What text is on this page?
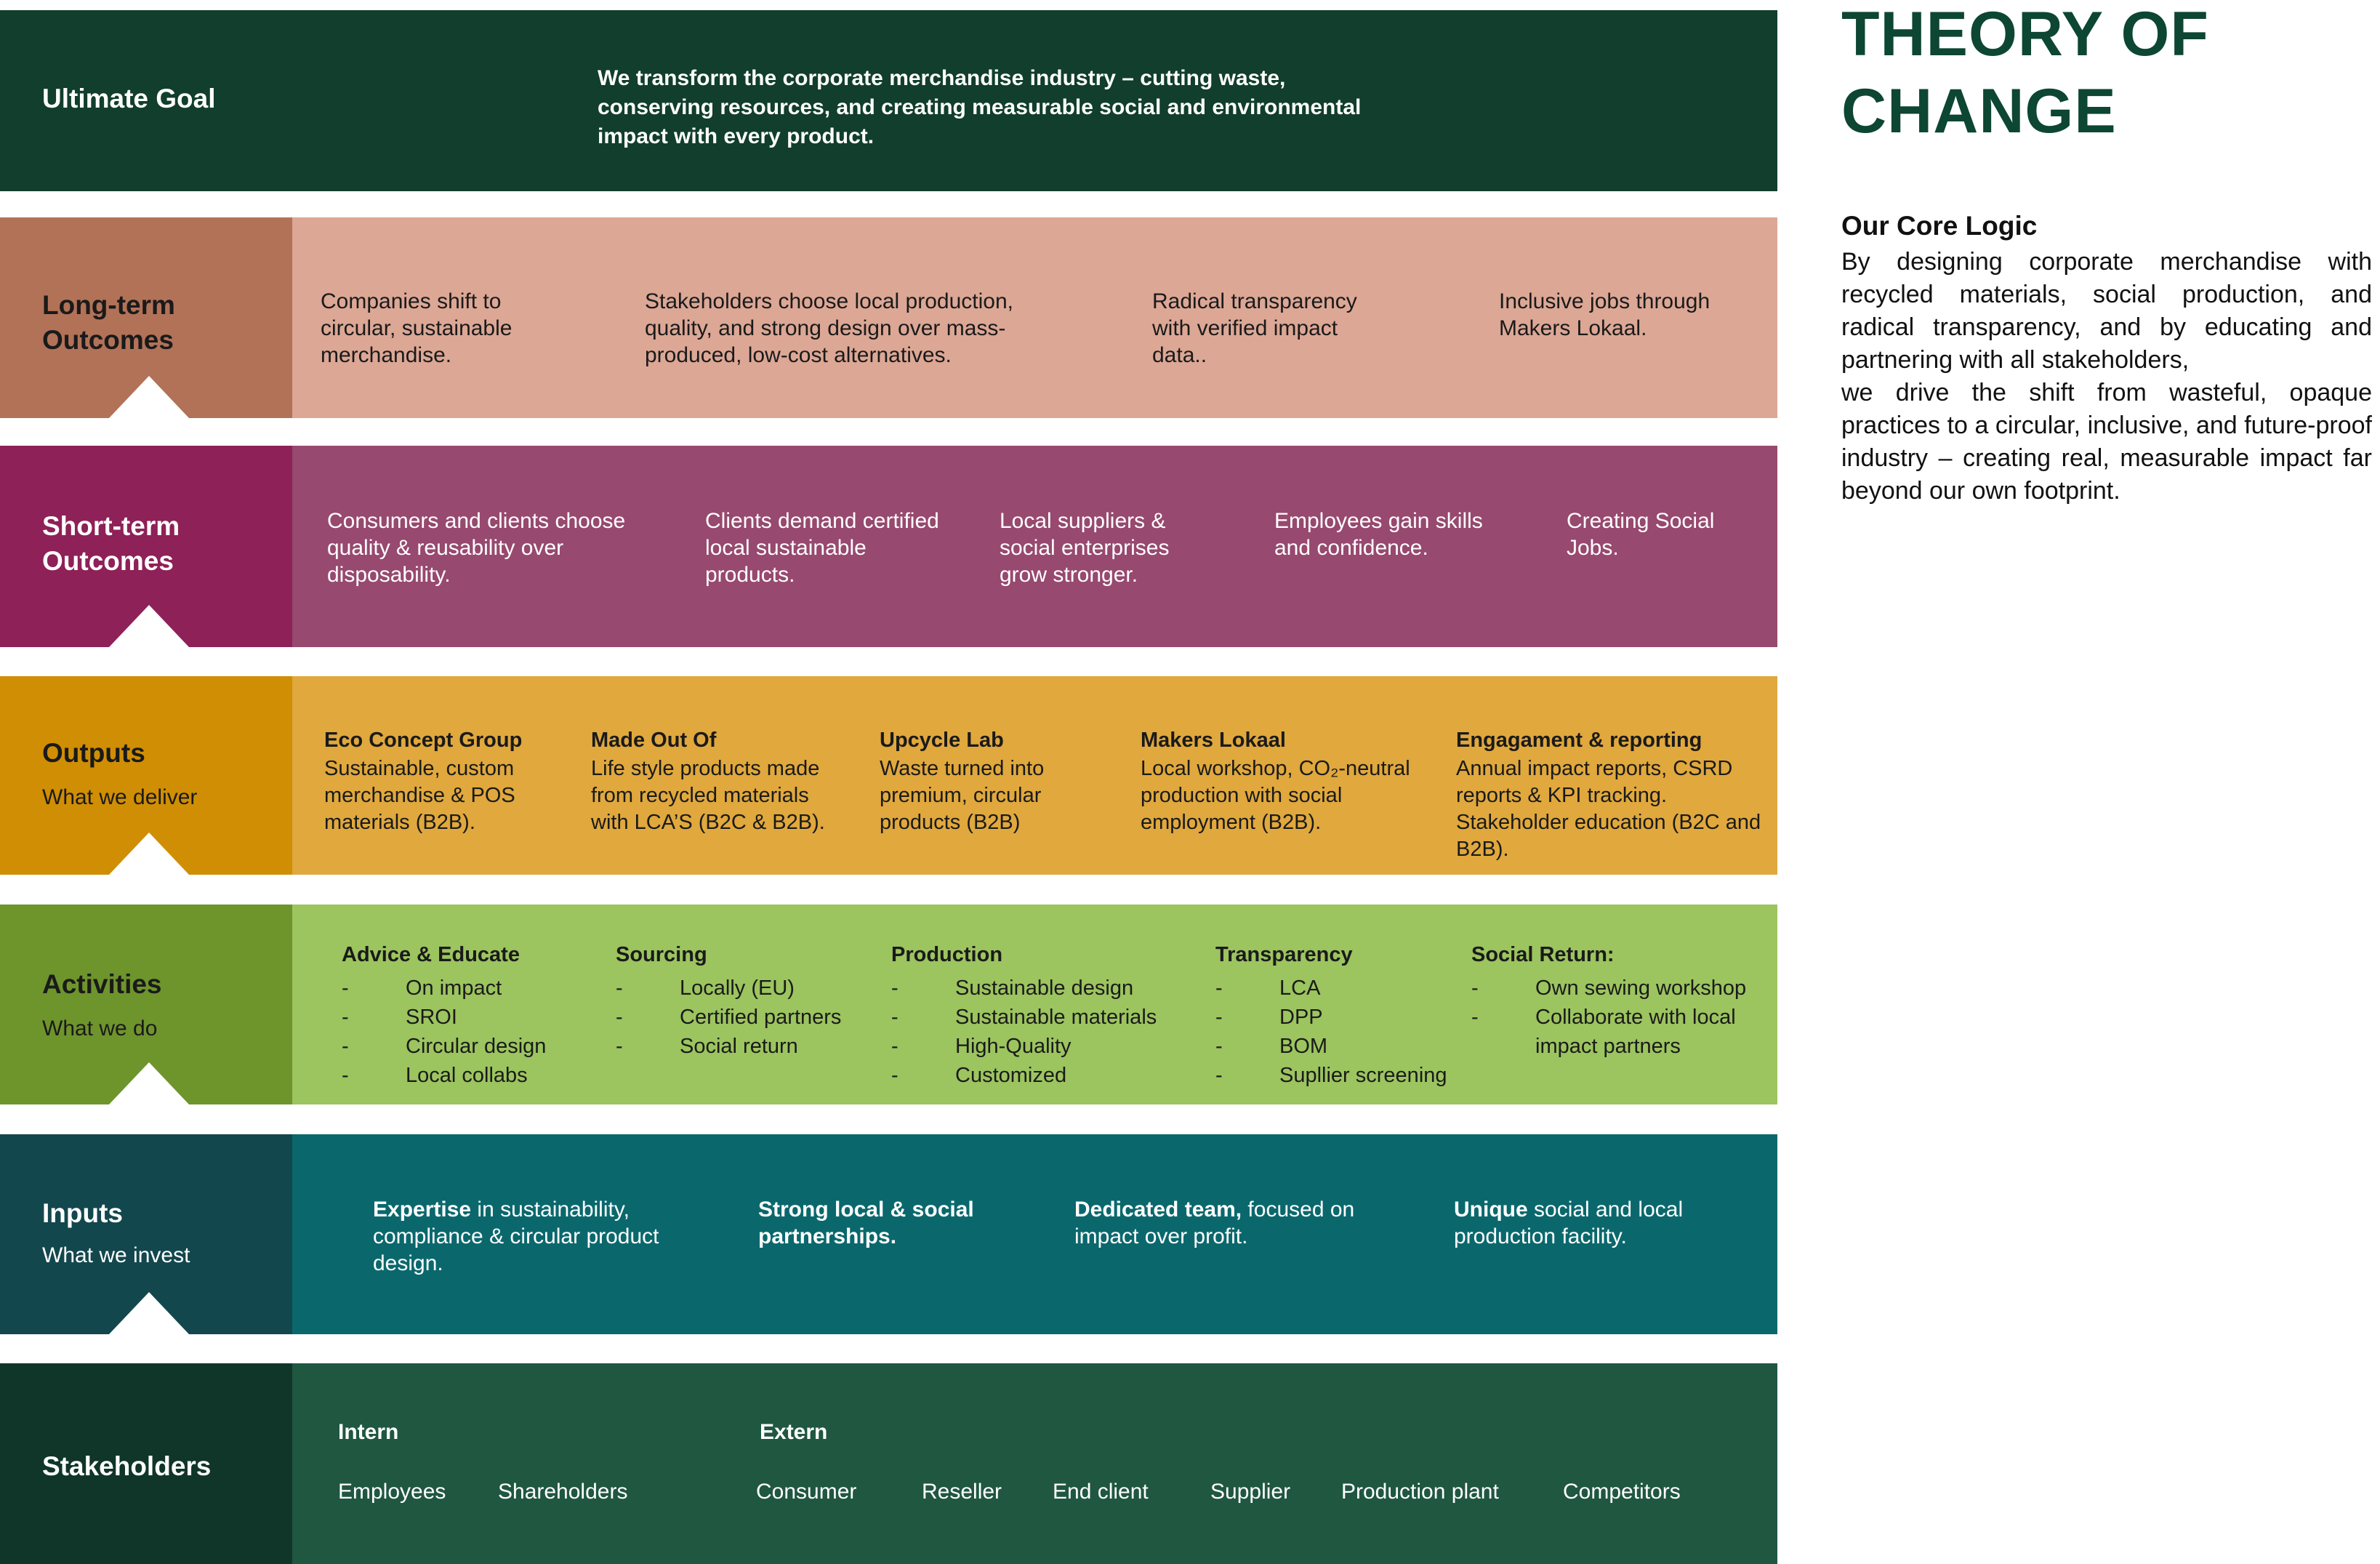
Ultimate Goal
We transform the corporate merchandise industry – cutting waste, conserving resources, and creating measurable social and environmental impact with every product.
Long-term Outcomes
Companies shift to circular, sustainable merchandise.
Stakeholders choose local production, quality, and strong design over mass-produced, low-cost alternatives.
Radical transparency with verified impact data..
Inclusive jobs through Makers Lokaal.
Short-term Outcomes
Consumers and clients choose quality & reusability over disposability.
Clients demand certified local sustainable products.
Local suppliers & social enterprises grow stronger.
Employees gain skills and confidence.
Creating Social Jobs.
Outputs
What we deliver
Eco Concept Group
Sustainable, custom merchandise & POS materials (B2B).
Made Out Of
Life style products made from recycled materials with LCA’S (B2C & B2B).
Upcycle Lab
Waste turned into premium, circular products (B2B)
Makers Lokaal
Local workshop, CO₂-neutral production with social employment (B2B).
Engagament & reporting
Annual impact reports, CSRD reports & KPI tracking. Stakeholder education (B2C and B2B).
Activities
What we do
Advice & Educate
-	On impact
-	SROI
-	Circular design
-	Local collabs
Sourcing
-	Locally (EU)
-	Certified partners
-	Social return
Production
-	Sustainable design
-	Sustainable materials
-	High-Quality
-	Customized
Transparency
-	LCA
-	DPP
-	BOM
-	Supllier screening
Social Return:
-	Own sewing workshop
-	Collaborate with local impact partners
Inputs
What we invest
Expertise in sustainability, compliance & circular product design.
Strong local & social partnerships.
Dedicated team, focused on impact over profit.
Unique social and local production facility.
Stakeholders
Intern
Employees Shareholders
Extern
Consumer	Reseller End client	Supplier Production plant	Competitors
THEORY OF CHANGE
Our Core Logic
By designing corporate merchandise with recycled materials, social production, and radical transparency, and by educating and partnering with all stakeholders,
we drive the shift from wasteful, opaque practices to a circular, inclusive, and future-proof industry – creating real, measurable impact far beyond our own footprint.
